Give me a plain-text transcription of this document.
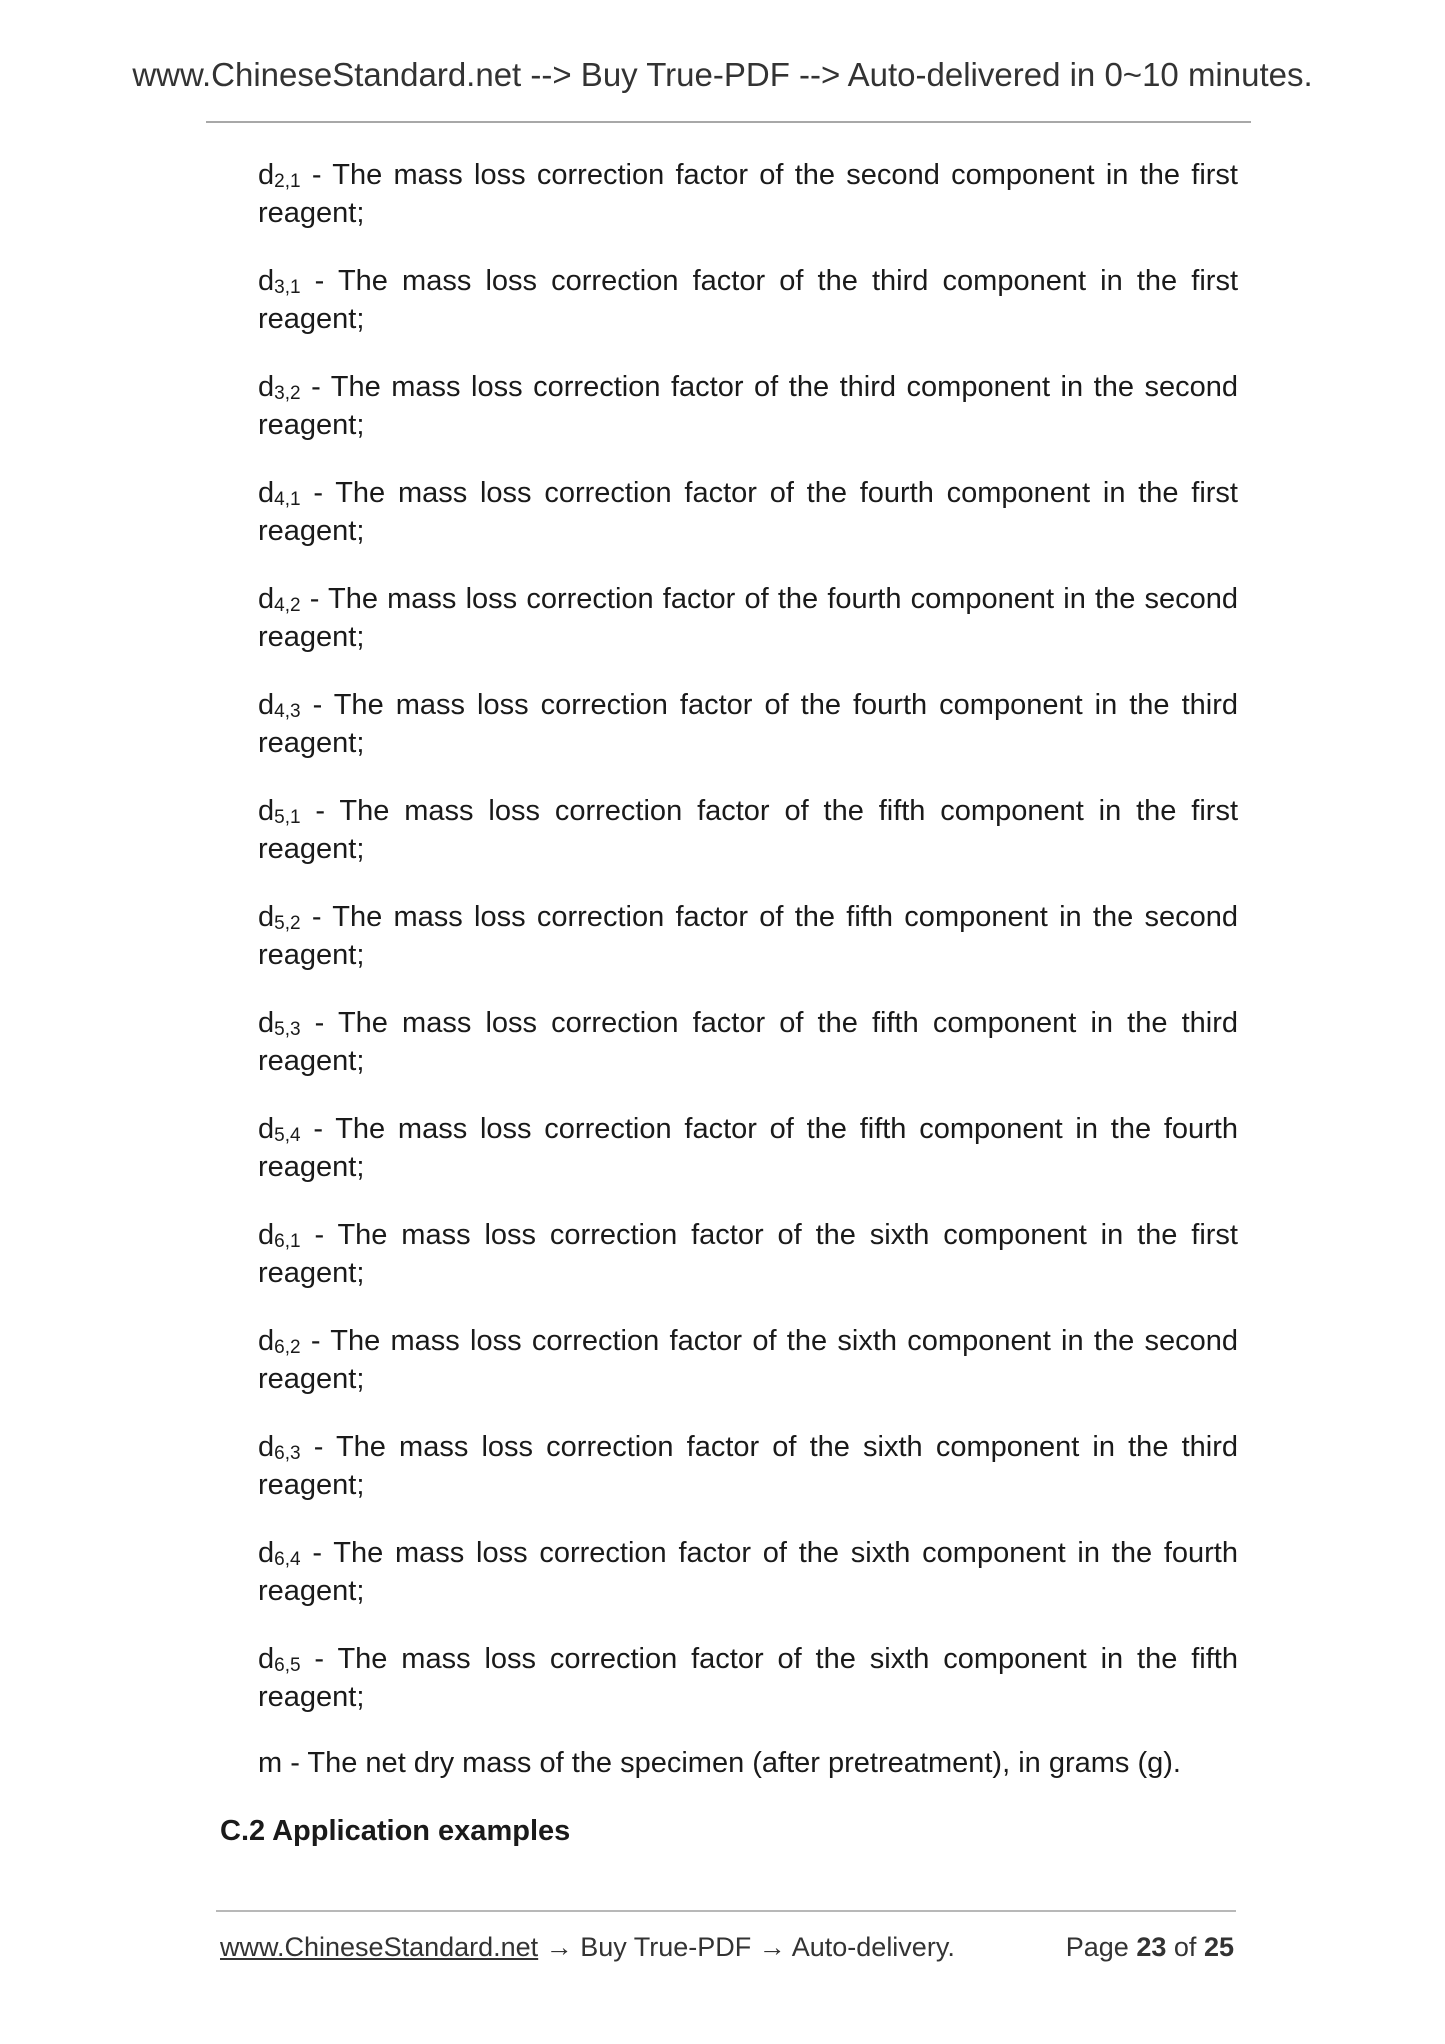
www.ChineseStandard.net --> Buy True-PDF --> Auto-delivered in 0~10 minutes.

$d_{2,1}$ - The mass loss correction factor of the second component in the first reagent;

$d_{3,1}$ - The mass loss correction factor of the third component in the first reagent;

$d_{3,2}$ - The mass loss correction factor of the third component in the second reagent;

$d_{4,1}$ - The mass loss correction factor of the fourth component in the first reagent;

$d_{4,2}$ - The mass loss correction factor of the fourth component in the second reagent;

$d_{4,3}$ - The mass loss correction factor of the fourth component in the third reagent;

$d_{5,1}$ - The mass loss correction factor of the fifth component in the first reagent;

$d_{5,2}$ - The mass loss correction factor of the fifth component in the second reagent;

$d_{5,3}$ - The mass loss correction factor of the fifth component in the third reagent;

$d_{5,4}$ - The mass loss correction factor of the fifth component in the fourth reagent;

$d_{6,1}$ - The mass loss correction factor of the sixth component in the first reagent;

$d_{6,2}$ - The mass loss correction factor of the sixth component in the second reagent;

$d_{6,3}$ - The mass loss correction factor of the sixth component in the third reagent;

$d_{6,4}$ - The mass loss correction factor of the sixth component in the fourth reagent;

$d_{6,5}$ - The mass loss correction factor of the sixth component in the fifth reagent;

m - The net dry mass of the specimen (after pretreatment), in grams (g).

C.2 Application examples
www.ChineseStandard.net → Buy True-PDF → Auto-delivery.	Page 23 of 25
